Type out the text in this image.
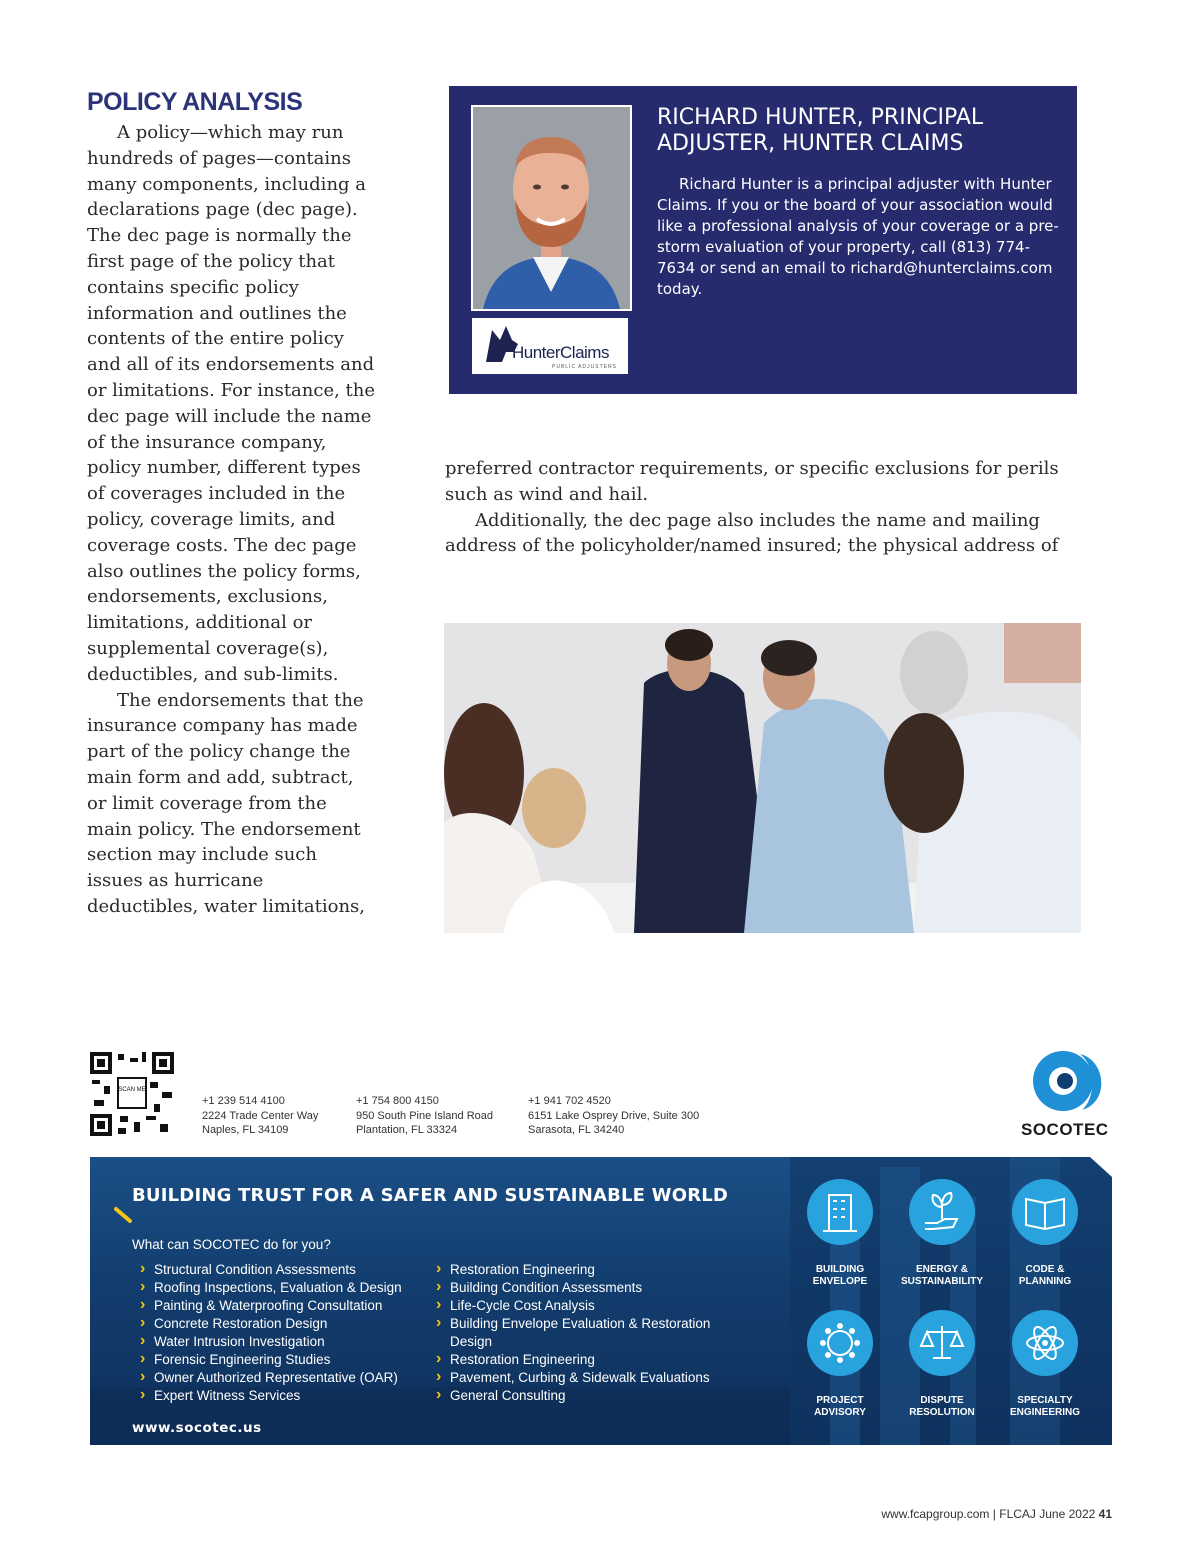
POLICY ANALYSIS

A policy—which may run hundreds of pages—contains many components, including a declarations page (dec page). The dec page is normally the first page of the policy that contains specific policy information and outlines the contents of the entire policy and all of its endorsements and or limitations. For instance, the dec page will include the name of the insurance company, policy number, different types of coverages included in the policy, coverage limits, and coverage costs. The dec page also outlines the policy forms, endorsements, exclusions, limitations, additional or supplemental coverage(s), deductibles, and sub-limits.

The endorsements that the insurance company has made part of the policy change the main form and add, subtract, or limit coverage from the main policy. The endorsement section may include such issues as hurricane deductibles, water limitations,

HunterClaims
PUBLIC ADJUSTERS
RICHARD HUNTER, PRINCIPAL ADJUSTER, HUNTER CLAIMS

Richard Hunter is a principal adjuster with Hunter Claims. If you or the board of your association would like a professional analysis of your coverage or a pre-storm evaluation of your property, call (813) 774-7634 or send an email to richard@hunterclaims.com today.

preferred contractor requirements, or specific exclusions for perils such as wind and hail.

Additionally, the dec page also includes the name and mailing address of the policyholder/named insured; the physical address of

SCAN ME
+1 239 514 4100
2224 Trade Center Way
Naples, FL 34109
+1 754 800 4150
950 South Pine Island Road
Plantation, FL 33324
+1 941 702 4520
6151 Lake Osprey Drive, Suite 300
Sarasota, FL 34240	SOCOTEC
BUILDING TRUST FOR A SAFER AND SUSTAINABLE WORLD
What can SOCOTEC do for you?
› Structural Condition Assessments
› Roofing Inspections, Evaluation & Design
› Painting & Waterproofing Consultation
› Concrete Restoration Design
› Water Intrusion Investigation
› Forensic Engineering Studies
› Owner Authorized Representative (OAR)
› Expert Witness Services
› Restoration Engineering
› Building Condition Assessments
› Life-Cycle Cost Analysis
› Building Envelope Evaluation & Restoration Design
› Restoration Engineering
› Pavement, Curbing & Sidewalk Evaluations
› General Consulting
www.socotec.us
BUILDING
ENVELOPE
ENERGY &
SUSTAINABILITY
CODE &
PLANNING
PROJECT
ADVISORY
DISPUTE
RESOLUTION
SPECIALTY
ENGINEERING
www.fcapgroup.com | FLCAJ June 2022 41
